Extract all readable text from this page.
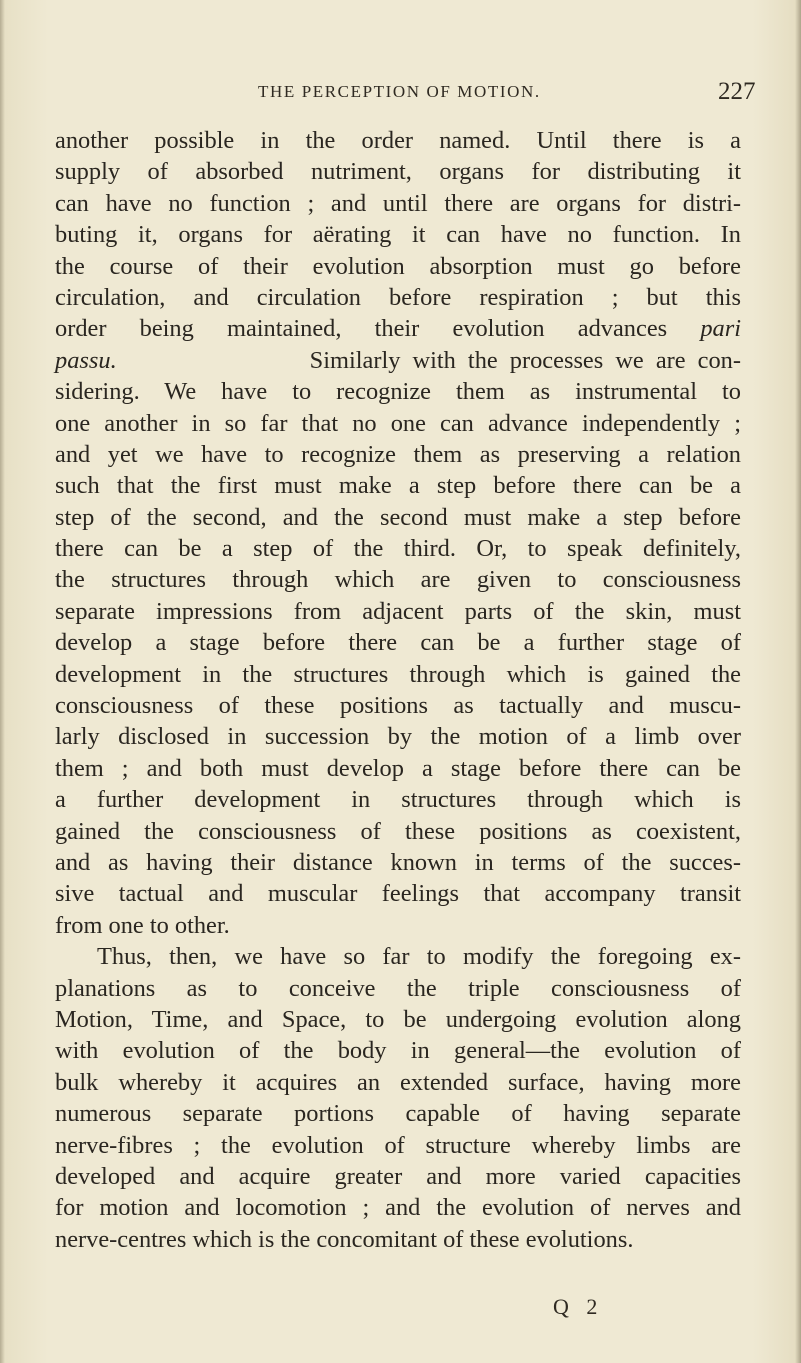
THE PERCEPTION OF MOTION.	227
another possible in the order named. Until there is a
supply of absorbed nutriment, organs for distributing it
can have no function ; and until there are organs for distri-
buting it, organs for aërating it can have no function. In
the course of their evolution absorption must go before
circulation, and circulation before respiration ; but this
order being maintained, their evolution advances pari
passu.	Similarly with the processes we are con-
sidering. We have to recognize them as instrumental to
one another in so far that no one can advance independently ;
and yet we have to recognize them as preserving a relation
such that the first must make a step before there can be a
step of the second, and the second must make a step before
there can be a step of the third. Or, to speak definitely,
the structures through which are given to consciousness
separate impressions from adjacent parts of the skin, must
develop a stage before there can be a further stage of
development in the structures through which is gained the
consciousness of these positions as tactually and muscu-
larly disclosed in succession by the motion of a limb over
them ; and both must develop a stage before there can be
a further development in structures through which is
gained the consciousness of these positions as coexistent,
and as having their distance known in terms of the succes-
sive tactual and muscular feelings that accompany transit
from one to other.
Thus, then, we have so far to modify the foregoing ex-
planations as to conceive the triple consciousness of
Motion, Time, and Space, to be undergoing evolution along
with evolution of the body in general—the evolution of
bulk whereby it acquires an extended surface, having more
numerous separate portions capable of having separate
nerve-fibres ; the evolution of structure whereby limbs are
developed and acquire greater and more varied capacities
for motion and locomotion ; and the evolution of nerves and
nerve-centres which is the concomitant of these evolutions.
Q 2
